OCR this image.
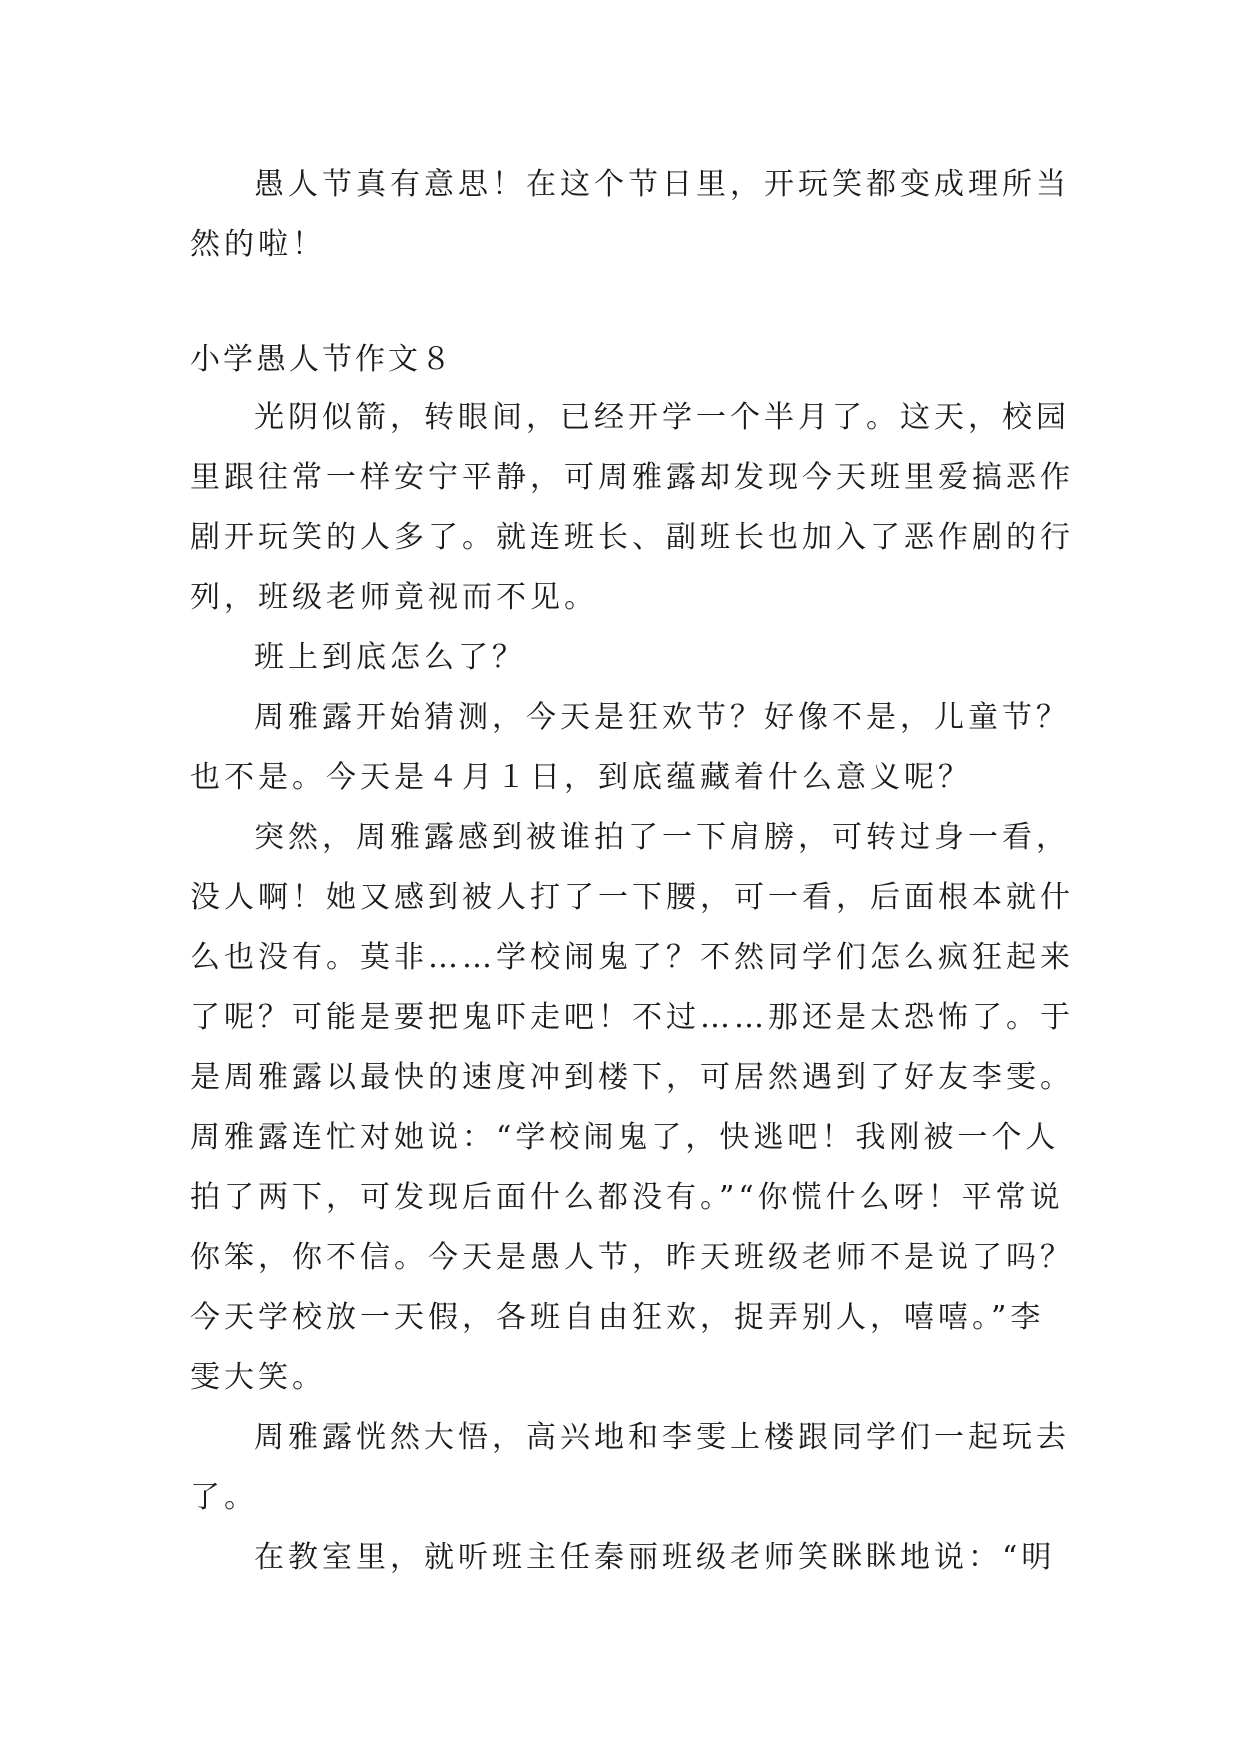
愚人节真有意思！在这个节日里，开玩笑都变成理所当
然的啦！
小学愚人节作文８
光阴似箭，转眼间，已经开学一个半月了。这天，校园
里跟往常一样安宁平静，可周雅露却发现今天班里爱搞恶作
剧开玩笑的人多了。就连班长、副班长也加入了恶作剧的行
列，班级老师竟视而不见。
班上到底怎么了？
周雅露开始猜测，今天是狂欢节？好像不是，儿童节？
也不是。今天是４月１日，到底蕴藏着什么意义呢？
突然，周雅露感到被谁拍了一下肩膀，可转过身一看，
没人啊！她又感到被人打了一下腰，可一看，后面根本就什
么也没有。莫非……学校闹鬼了？不然同学们怎么疯狂起来
了呢？可能是要把鬼吓走吧！不过……那还是太恐怖了。于
是周雅露以最快的速度冲到楼下，可居然遇到了好友李雯。
周雅露连忙对她说：“学校闹鬼了，快逃吧！我刚被一个人
拍了两下，可发现后面什么都没有。”“你慌什么呀！平常说
你笨，你不信。今天是愚人节，昨天班级老师不是说了吗？
今天学校放一天假，各班自由狂欢，捉弄别人，嘻嘻。”李
雯大笑。
周雅露恍然大悟，高兴地和李雯上楼跟同学们一起玩去
了。
在教室里，就听班主任秦丽班级老师笑眯眯地说：“明
